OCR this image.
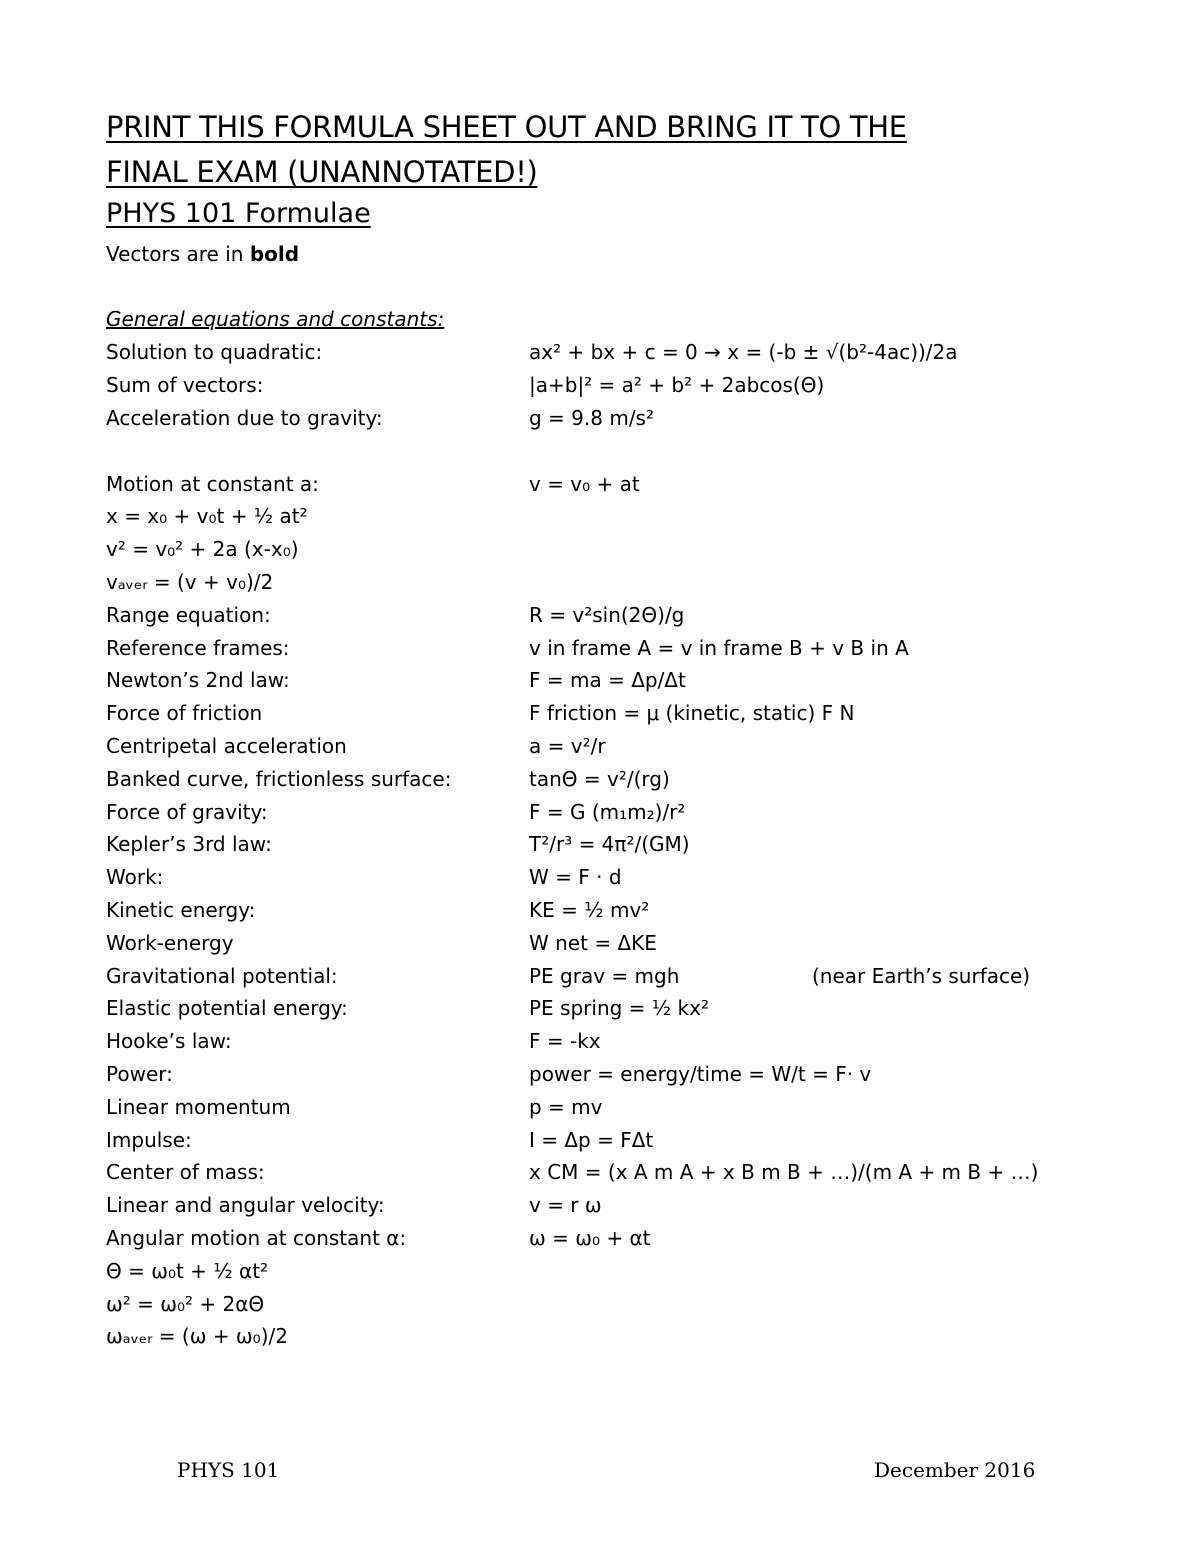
PRINT THIS FORMULA SHEET OUT AND BRING IT TO THE
FINAL EXAM (UNANNOTATED!)
PHYS 101 Formulae
Vectors are in bold
General equations and constants:
Solution to quadratic:	ax² + bx + c = 0 → x = (-b ± √(b²-4ac))/2a
Sum of vectors:	|a+b|² = a² + b² + 2abcos(Θ)
Acceleration due to gravity:	g = 9.8 m/s²
Motion at constant a:	v = v₀ + at
x = x₀ + v₀t + ½ at²
v² = v₀² + 2a (x-x₀)
vₐᵥₑᵣ = (v + v₀)/2
Range equation:	R = v²sin(2Θ)/g
Reference frames:	v in frame A = v in frame B + v B in A
Newton’s 2nd law:	F = ma = Δp/Δt
Force of friction	F friction = μ (kinetic, static) F N
Centripetal acceleration	a = v²/r
Banked curve, frictionless surface:	tanΘ = v²/(rg)
Force of gravity:	F = G (m₁m₂)/r²
Kepler’s 3rd law:	T²/r³ = 4π²/(GM)
Work:	W = F · d
Kinetic energy:	KE = ½ mv²
Work-energy	W net = ΔKE
Gravitational potential:	PE grav = mgh	(near Earth’s surface)
Elastic potential energy:	PE spring = ½ kx²
Hooke’s law:	F = -kx
Power:	power = energy/time = W/t = F· v
Linear momentum	p = mv
Impulse:	I = Δp = FΔt
Center of mass:	x CM = (x A m A + x B m B + …)/(m A + m B + …)
Linear and angular velocity:	v = r ω
Angular motion at constant α:	ω = ω₀ + αt
Θ = ω₀t + ½ αt²
ω² = ω₀² + 2αΘ
ωₐᵥₑᵣ = (ω + ω₀)/2
PHYS 101	December 2016
